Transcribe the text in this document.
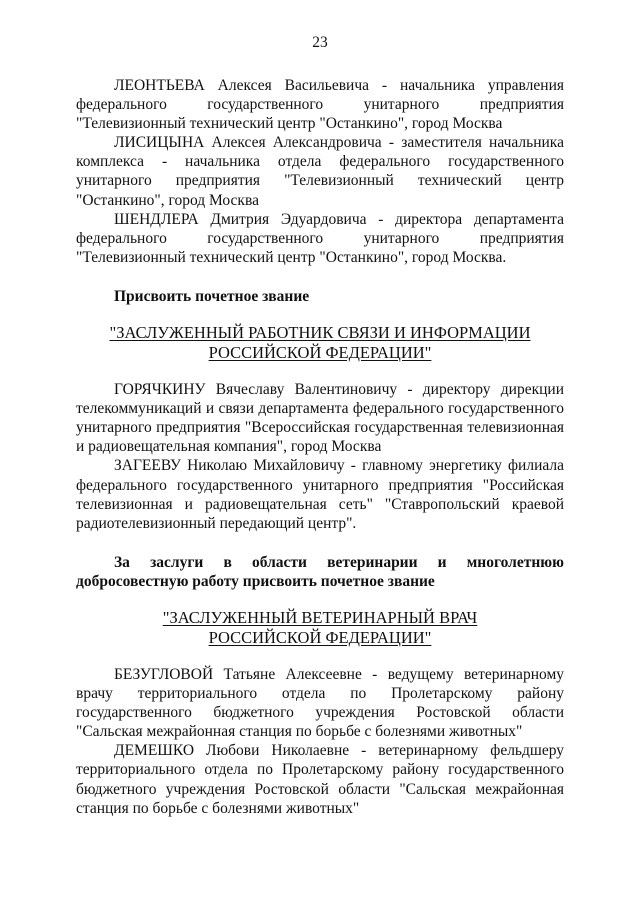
23

ЛЕОНТЬЕВА Алексея Васильевича - начальника управления федерального государственного унитарного предприятия "Телевизионный технический центр "Останкино", город Москва

ЛИСИЦЫНА Алексея Александровича - заместителя начальника комплекса - начальника отдела федерального государственного унитарного предприятия "Телевизионный технический центр "Останкино", город Москва

ШЕНДЛЕРА Дмитрия Эдуардовича - директора департамента федерального государственного унитарного предприятия "Телевизионный технический центр "Останкино", город Москва.

Присвоить почетное звание

"ЗАСЛУЖЕННЫЙ РАБОТНИК СВЯЗИ И ИНФОРМАЦИИ
РОССИЙСКОЙ ФЕДЕРАЦИИ"

ГОРЯЧКИНУ Вячеславу Валентиновичу - директору дирекции телекоммуникаций и связи департамента федерального государственного унитарного предприятия "Всероссийская государственная телевизионная и радиовещательная компания", город Москва

ЗАГЕЕВУ Николаю Михайловичу - главному энергетику филиала федерального государственного унитарного предприятия "Российская телевизионная и радиовещательная сеть" "Ставропольский краевой радиотелевизионный передающий центр".

За заслуги в области ветеринарии и многолетнюю добросовестную работу присвоить почетное звание

"ЗАСЛУЖЕННЫЙ ВЕТЕРИНАРНЫЙ ВРАЧ
РОССИЙСКОЙ ФЕДЕРАЦИИ"

БЕЗУГЛОВОЙ Татьяне Алексеевне - ведущему ветеринарному врачу территориального отдела по Пролетарскому району государственного бюджетного учреждения Ростовской области "Сальская межрайонная станция по борьбе с болезнями животных"

ДЕМЕШКО Любови Николаевне - ветеринарному фельдшеру территориального отдела по Пролетарскому району государственного бюджетного учреждения Ростовской области "Сальская межрайонная станция по борьбе с болезнями животных"
